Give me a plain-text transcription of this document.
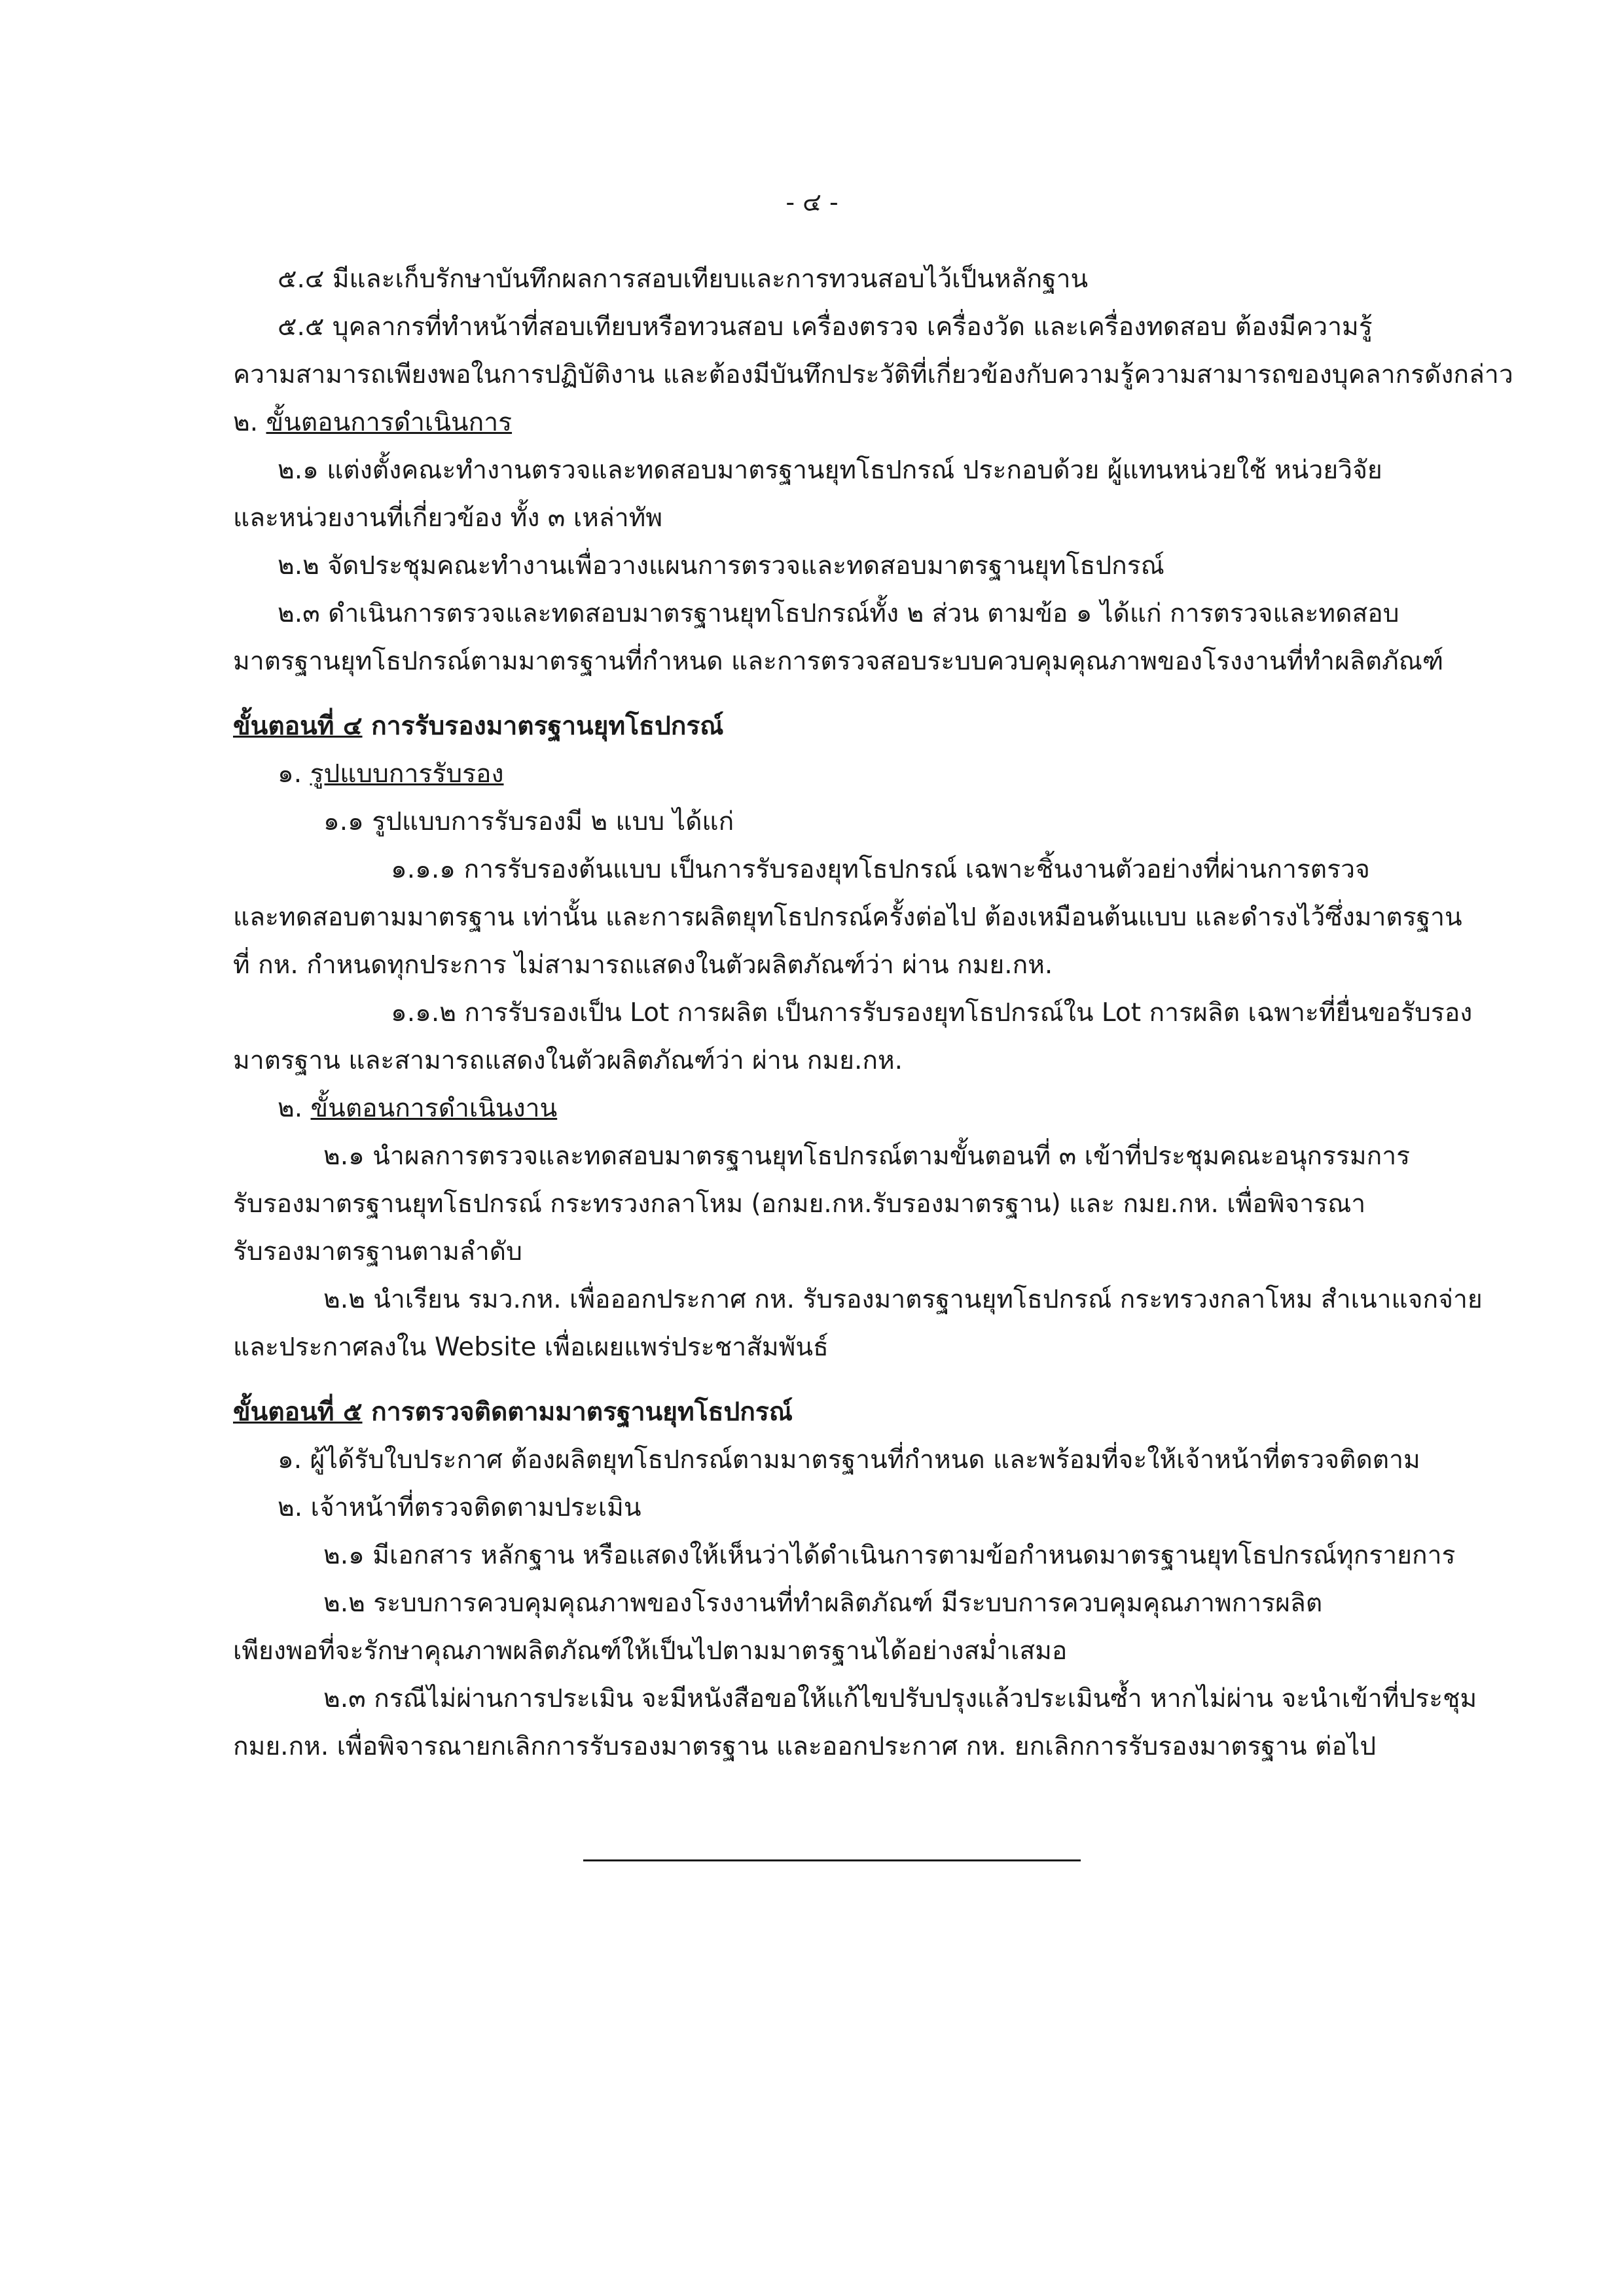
- ๔ -

๕.๔ มีและเก็บรักษาบันทึกผลการสอบเทียบและการทวนสอบไว้เป็นหลักฐาน

๕.๕ บุคลากรที่ทำหน้าที่สอบเทียบหรือทวนสอบ เครื่องตรวจ เครื่องวัด และเครื่องทดสอบ ต้องมีความรู้

ความสามารถเพียงพอในการปฏิบัติงาน และต้องมีบันทึกประวัติที่เกี่ยวข้องกับความรู้ความสามารถของบุคลากรดังกล่าว

๒. ขั้นตอนการดำเนินการ

๒.๑ แต่งตั้งคณะทำงานตรวจและทดสอบมาตรฐานยุทโธปกรณ์ ประกอบด้วย ผู้แทนหน่วยใช้ หน่วยวิจัย

และหน่วยงานที่เกี่ยวข้อง ทั้ง ๓ เหล่าทัพ

๒.๒ จัดประชุมคณะทำงานเพื่อวางแผนการตรวจและทดสอบมาตรฐานยุทโธปกรณ์

๒.๓ ดำเนินการตรวจและทดสอบมาตรฐานยุทโธปกรณ์ทั้ง ๒ ส่วน ตามข้อ ๑ ได้แก่ การตรวจและทดสอบ

มาตรฐานยุทโธปกรณ์ตามมาตรฐานที่กำหนด และการตรวจสอบระบบควบคุมคุณภาพของโรงงานที่ทำผลิตภัณฑ์

ขั้นตอนที่ ๔ การรับรองมาตรฐานยุทโธปกรณ์

๑. รูปแบบการรับรอง

๑.๑ รูปแบบการรับรองมี ๒ แบบ ได้แก่

๑.๑.๑ การรับรองต้นแบบ เป็นการรับรองยุทโธปกรณ์ เฉพาะชิ้นงานตัวอย่างที่ผ่านการตรวจ

และทดสอบตามมาตรฐาน เท่านั้น และการผลิตยุทโธปกรณ์ครั้งต่อไป ต้องเหมือนต้นแบบ และดำรงไว้ซึ่งมาตรฐาน

ที่ กห. กำหนดทุกประการ ไม่สามารถแสดงในตัวผลิตภัณฑ์ว่า ผ่าน กมย.กห.

๑.๑.๒ การรับรองเป็น Lot การผลิต เป็นการรับรองยุทโธปกรณ์ใน Lot การผลิต เฉพาะที่ยื่นขอรับรอง

มาตรฐาน และสามารถแสดงในตัวผลิตภัณฑ์ว่า ผ่าน กมย.กห.

๒. ขั้นตอนการดำเนินงาน

๒.๑ นำผลการตรวจและทดสอบมาตรฐานยุทโธปกรณ์ตามขั้นตอนที่ ๓ เข้าที่ประชุมคณะอนุกรรมการ

รับรองมาตรฐานยุทโธปกรณ์ กระทรวงกลาโหม (อกมย.กห.รับรองมาตรฐาน) และ กมย.กห. เพื่อพิจารณา

รับรองมาตรฐานตามลำดับ

๒.๒ นำเรียน รมว.กห. เพื่อออกประกาศ กห. รับรองมาตรฐานยุทโธปกรณ์ กระทรวงกลาโหม สำเนาแจกจ่าย

และประกาศลงใน Website เพื่อเผยแพร่ประชาสัมพันธ์

ขั้นตอนที่ ๕ การตรวจติดตามมาตรฐานยุทโธปกรณ์

๑. ผู้ได้รับใบประกาศ ต้องผลิตยุทโธปกรณ์ตามมาตรฐานที่กำหนด และพร้อมที่จะให้เจ้าหน้าที่ตรวจติดตาม

๒. เจ้าหน้าที่ตรวจติดตามประเมิน

๒.๑ มีเอกสาร หลักฐาน หรือแสดงให้เห็นว่าได้ดำเนินการตามข้อกำหนดมาตรฐานยุทโธปกรณ์ทุกรายการ

๒.๒ ระบบการควบคุมคุณภาพของโรงงานที่ทำผลิตภัณฑ์ มีระบบการควบคุมคุณภาพการผลิต

เพียงพอที่จะรักษาคุณภาพผลิตภัณฑ์ให้เป็นไปตามมาตรฐานได้อย่างสม่ำเสมอ

๒.๓ กรณีไม่ผ่านการประเมิน จะมีหนังสือขอให้แก้ไขปรับปรุงแล้วประเมินซ้ำ หากไม่ผ่าน จะนำเข้าที่ประชุม

กมย.กห. เพื่อพิจารณายกเลิกการรับรองมาตรฐาน และออกประกาศ กห. ยกเลิกการรับรองมาตรฐาน ต่อไป
